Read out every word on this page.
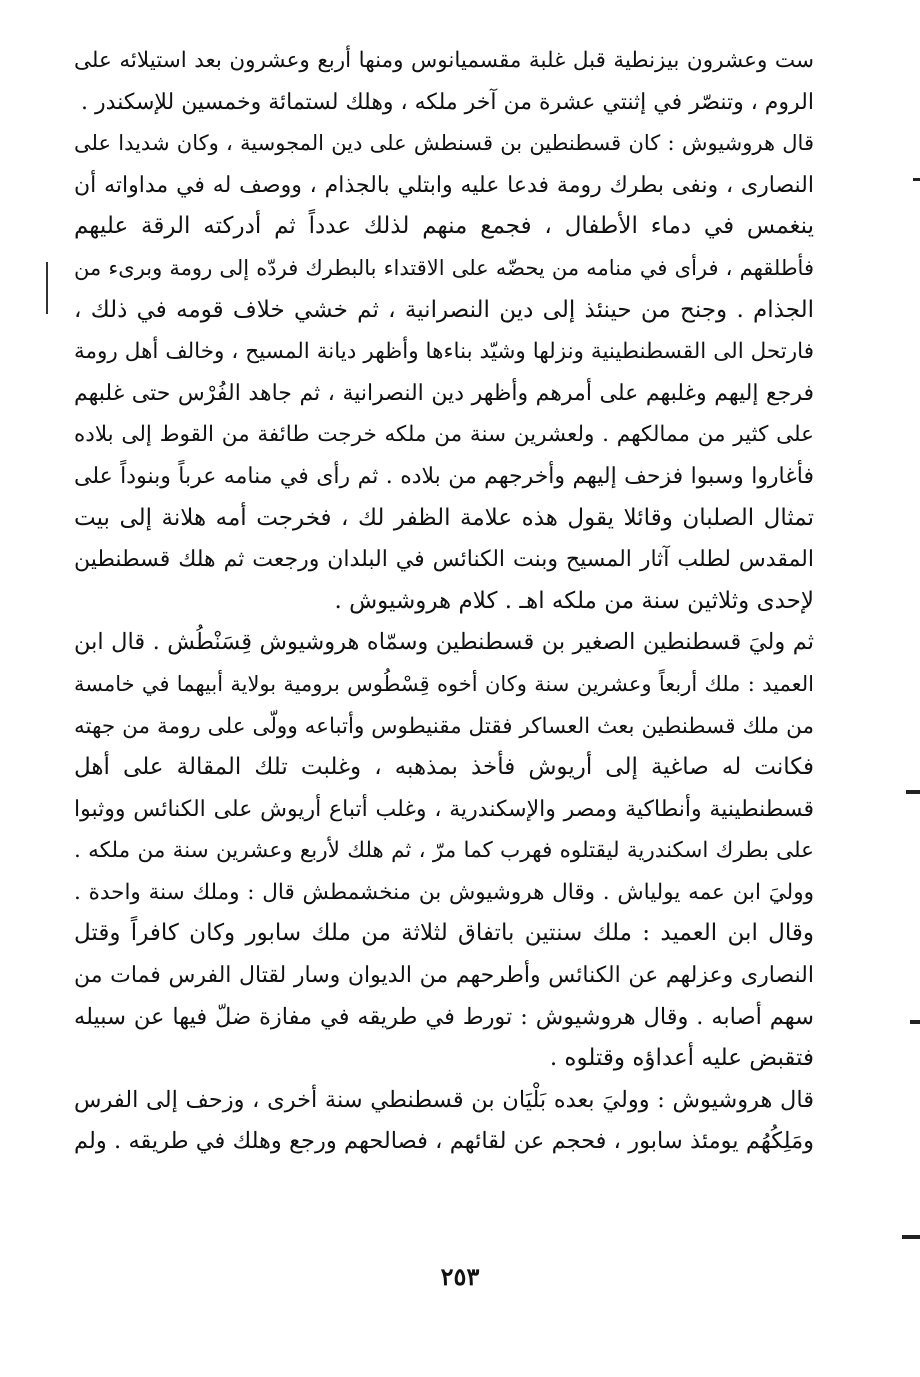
ست وعشرون بيزنطية قبل غلبة مقسميانوس ومنها أربع وعشرون بعد استيلائه على
الروم ، وتنصّر في إثنتي عشرة من آخر ملكه ، وهلك لستمائة وخمسين للإسكندر .
قال هروشيوش : كان قسطنطين بن قسنطش على دين المجوسية ، وكان شديدا على
النصارى ، ونفى بطرك رومة فدعا عليه وابتلي بالجذام ، ووصف له في مداواته أن
ينغمس في دماء الأطفال ، فجمع منهم لذلك عدداً ثم أدركته الرقة عليهم
فأطلقهم ، فرأى في منامه من يحضّه على الاقتداء بالبطرك فردّه إلى رومة وبرىء من
الجذام . وجنح من حينئذ إلى دين النصرانية ، ثم خشي خلاف قومه في ذلك ،
فارتحل الى القسطنطينية ونزلها وشيّد بناءها وأظهر ديانة المسيح ، وخالف أهل رومة
فرجع إليهم وغلبهم على أمرهم وأظهر دين النصرانية ، ثم جاهد الفُرْس حتى غلبهم
على كثير من ممالكهم . ولعشرين سنة من ملكه خرجت طائفة من القوط إلى بلاده
فأغاروا وسبوا فزحف إليهم وأخرجهم من بلاده . ثم رأى في منامه عرباً وبنوداً على
تمثال الصلبان وقائلا يقول هذه علامة الظفر لك ، فخرجت أمه هلانة إلى بيت
المقدس لطلب آثار المسيح وبنت الكنائس في البلدان ورجعت ثم هلك قسطنطين
لإحدى وثلاثين سنة من ملكه اهـ . كلام هروشيوش .
ثم وليَ قسطنطين الصغير بن قسطنطين وسمّاه هروشيوش قِسَنْطُش . قال ابن
العميد : ملك أربعاً وعشرين سنة وكان أخوه قِسْطُوس برومية بولاية أبيهما في خامسة
من ملك قسطنطين بعث العساكر فقتل مقنيطوس وأتباعه وولّى على رومة من جهته
فكانت له صاغية إلى أريوش فأخذ بمذهبه ، وغلبت تلك المقالة على أهل
قسطنطينية وأنطاكية ومصر والإسكندرية ، وغلب أتباع أريوش على الكنائس ووثبوا
على بطرك اسكندرية ليقتلوه فهرب كما مرّ ، ثم هلك لأربع وعشرين سنة من ملكه .
ووليَ ابن عمه يولياش . وقال هروشيوش بن منخشمطش قال : وملك سنة واحدة .
وقال ابن العميد : ملك سنتين باتفاق لثلاثة من ملك سابور وكان كافراً وقتل
النصارى وعزلهم عن الكنائس وأطرحهم من الديوان وسار لقتال الفرس فمات من
سهم أصابه . وقال هروشيوش : تورط في طريقه في مفازة ضلّ فيها عن سبيله
فتقبض عليه أعداؤه وقتلوه .
قال هروشيوش : ووليَ بعده بَلْيَان بن قسطنطي سنة أخرى ، وزحف إلى الفرس
ومَلِكُهُم يومئذ سابور ، فحجم عن لقائهم ، فصالحهم ورجع وهلك في طريقه . ولم
٢٥٣
